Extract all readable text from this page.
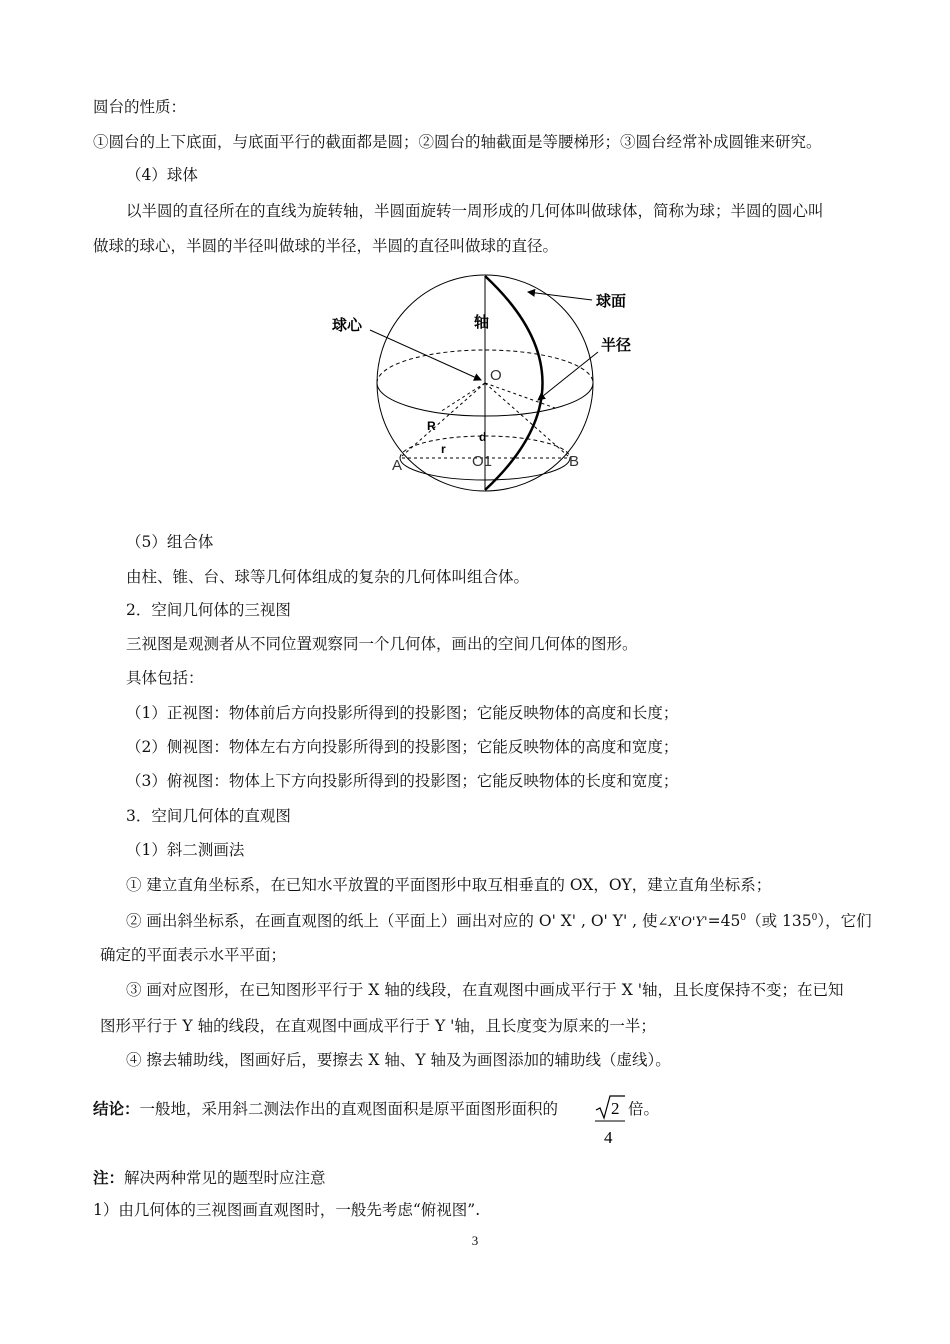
圆台的性质：
①圆台的上下底面，与底面平行的截面都是圆；②圆台的轴截面是等腰梯形；③圆台经常补成圆锥来研究。
（4）球体
以半圆的直径所在的直线为旋转轴，半圆面旋转一周形成的几何体叫做球体，简称为球；半圆的圆心叫
做球的球心，半圆的半径叫做球的半径，半圆的直径叫做球的直径。
球面
球心	轴
半径
O
O1
A	B
R
r
d
（5）组合体
由柱、锥、台、球等几何体组成的复杂的几何体叫组合体。
2．空间几何体的三视图
三视图是观测者从不同位置观察同一个几何体，画出的空间几何体的图形。
具体包括：
（1）正视图：物体前后方向投影所得到的投影图；它能反映物体的高度和长度；
（2）侧视图：物体左右方向投影所得到的投影图；它能反映物体的高度和宽度；
（3）俯视图：物体上下方向投影所得到的投影图；它能反映物体的长度和宽度；
3．空间几何体的直观图
（1）斜二测画法
① 建立直角坐标系，在已知水平放置的平面图形中取互相垂直的 OX，OY，建立直角坐标系；
② 画出斜坐标系，在画直观图的纸上（平面上）画出对应的 O' X' , O' Y' , 使$\angle X'O'Y'=45^0$（或 $135^0$），它们
确定的平面表示水平平面；
③ 画对应图形，在已知图形平行于 X 轴的线段，在直观图中画成平行于 X '轴，且长度保持不变；在已知
图形平行于 Y 轴的线段，在直观图中画成平行于 Y '轴，且长度变为原来的一半；
④ 擦去辅助线，图画好后，要擦去 X 轴、Y 轴及为画图添加的辅助线（虚线）。
结论：一般地，采用斜二测法作出的直观图面积是原平面图形面积的	2
4
倍。
注：解决两种常见的题型时应注意
1）由几何体的三视图画直观图时，一般先考虑“俯视图”.
3
